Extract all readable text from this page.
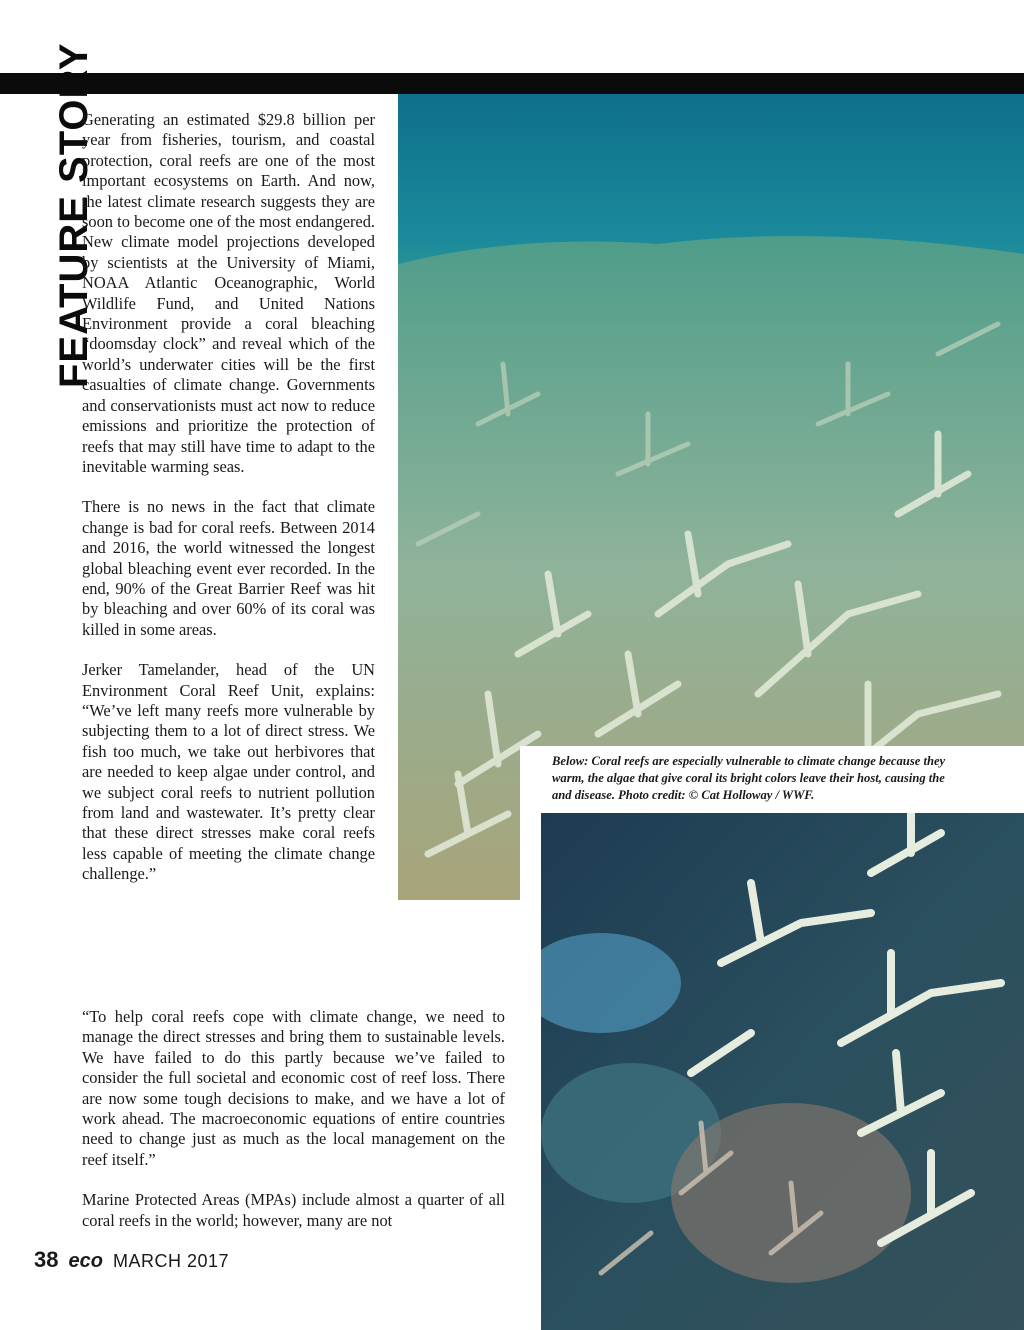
FEATURE STORY
Below: Coral reefs are especially vulnerable to climate change because they
warm, the algae that give coral its bright colors leave their host, causing the
and disease. Photo credit: © Cat Holloway / WWF.

Generating an estimated $29.8 billion per year from fisheries, tourism, and coastal protection, coral reefs are one of the most important ecosystems on Earth. And now, the latest climate research suggests they are soon to become one of the most endangered. New climate model projections developed by scientists at the University of Miami, NOAA Atlantic Oceanographic, World Wildlife Fund, and United Nations Environment provide a coral bleaching “doomsday clock” and reveal which of the world’s underwater cities will be the first casualties of climate change. Governments and conservationists must act now to reduce emissions and prioritize the protection of reefs that may still have time to adapt to the inevitable warming seas.

There is no news in the fact that climate change is bad for coral reefs. Between 2014 and 2016, the world witnessed the longest global bleaching event ever recorded. In the end, 90% of the Great Barrier Reef was hit by bleaching and over 60% of its coral was killed in some areas.

Jerker Tamelander, head of the UN Environment Coral Reef Unit, explains: “We’ve left many reefs more vulnerable by subjecting them to a lot of direct stress. We fish too much, we take out herbivores that are needed to keep algae under control, and we subject coral reefs to nutrient pollution from land and wastewater. It’s pretty clear that these direct stresses make coral reefs less capable of meeting the climate change challenge.”

“To help coral reefs cope with climate change, we need to manage the direct stresses and bring them to sustainable levels. We have failed to do this partly because we’ve failed to consider the full societal and economic cost of reef loss. There are now some tough decisions to make, and we have a lot of work ahead. The macroeconomic equations of entire countries need to change just as much as the local management on the reef itself.”

Marine Protected Areas (MPAs) include almost a quarter of all coral reefs in the world; however, many are not

38 eco MARCH 2017
